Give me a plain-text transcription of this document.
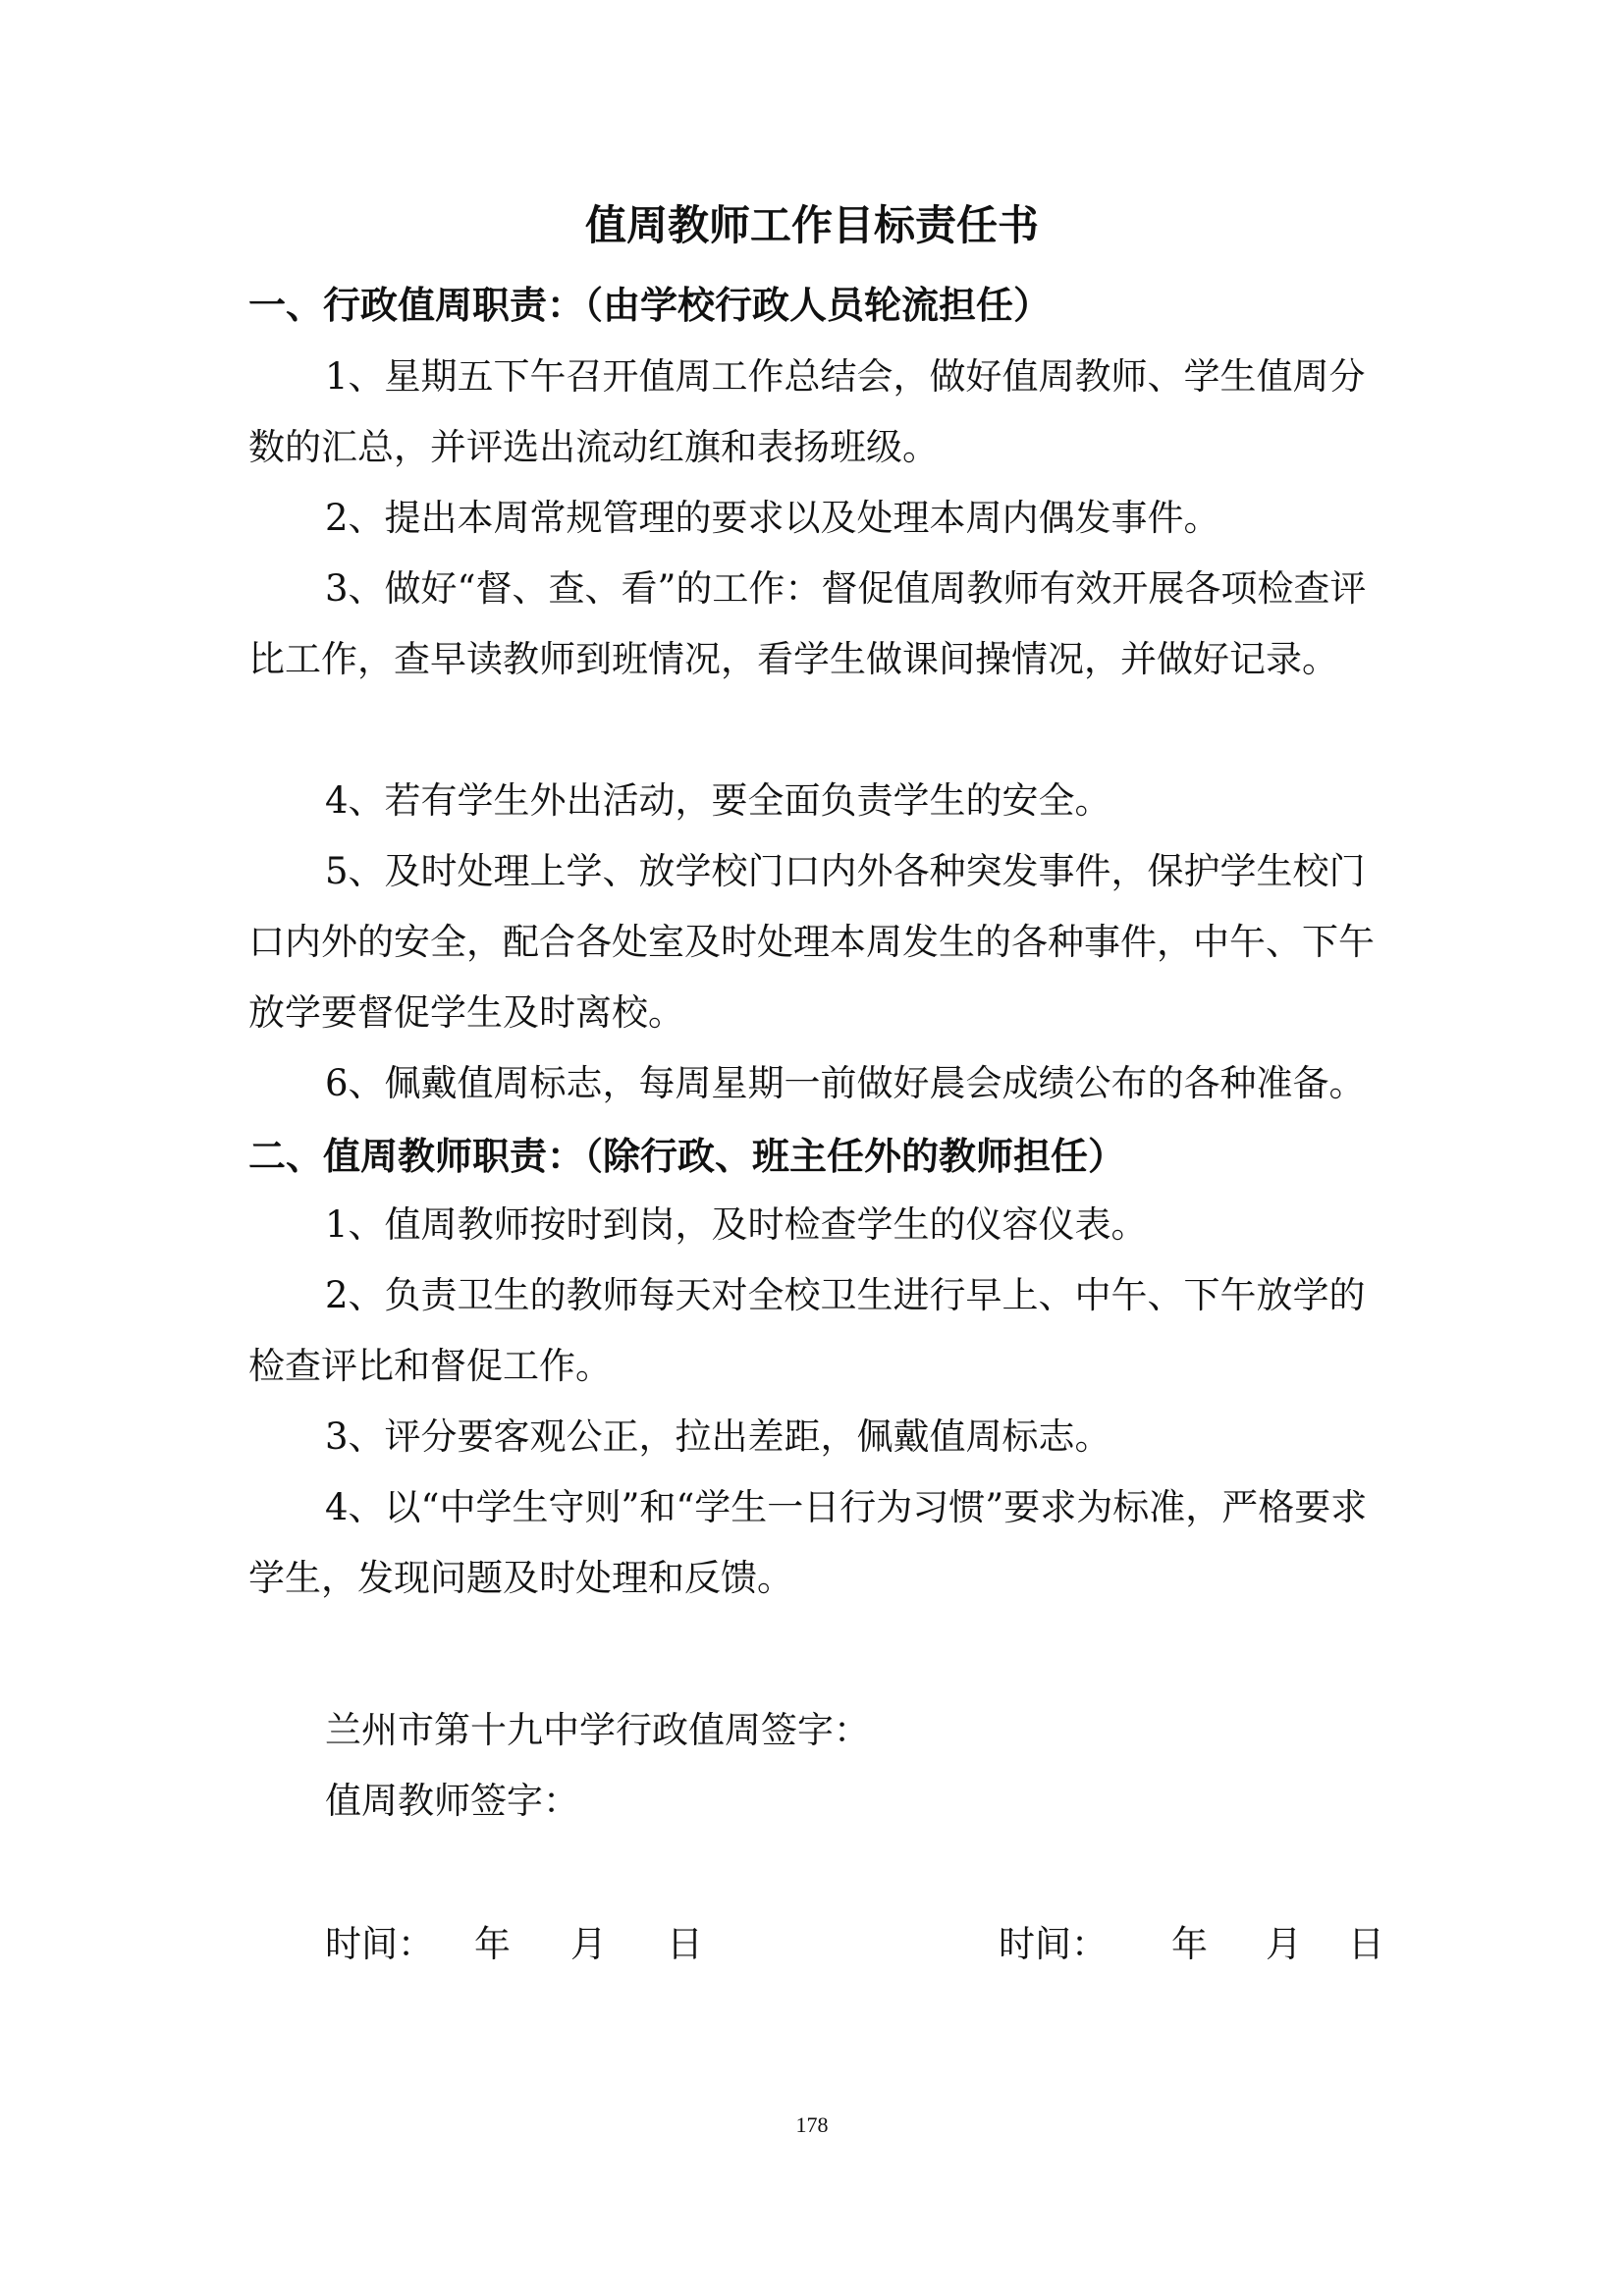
值周教师工作目标责任书
一、行政值周职责：（由学校行政人员轮流担任）

1、星期五下午召开值周工作总结会，做好值周教师、学生值周分数的汇总，并评选出流动红旗和表扬班级。

2、提出本周常规管理的要求以及处理本周内偶发事件。

3、做好“督、查、看”的工作：督促值周教师有效开展各项检查评比工作，查早读教师到班情况，看学生做课间操情况，并做好记录。

4、若有学生外出活动，要全面负责学生的安全。

5、及时处理上学、放学校门口内外各种突发事件，保护学生校门口内外的安全，配合各处室及时处理本周发生的各种事件，中午、下午放学要督促学生及时离校。

6、佩戴值周标志，每周星期一前做好晨会成绩公布的各种准备。

二、值周教师职责：（除行政、班主任外的教师担任）

1、值周教师按时到岗，及时检查学生的仪容仪表。

2、负责卫生的教师每天对全校卫生进行早上、中午、下午放学的检查评比和督促工作。

3、评分要客观公正，拉出差距，佩戴值周标志。

4、以“中学生守则”和“学生一日行为习惯”要求为标准，严格要求学生，发现问题及时处理和反馈。

兰州市第十九中学行政值周签字：
值周教师签字：
时间： 年 月 日	时间： 年 月 日
178
